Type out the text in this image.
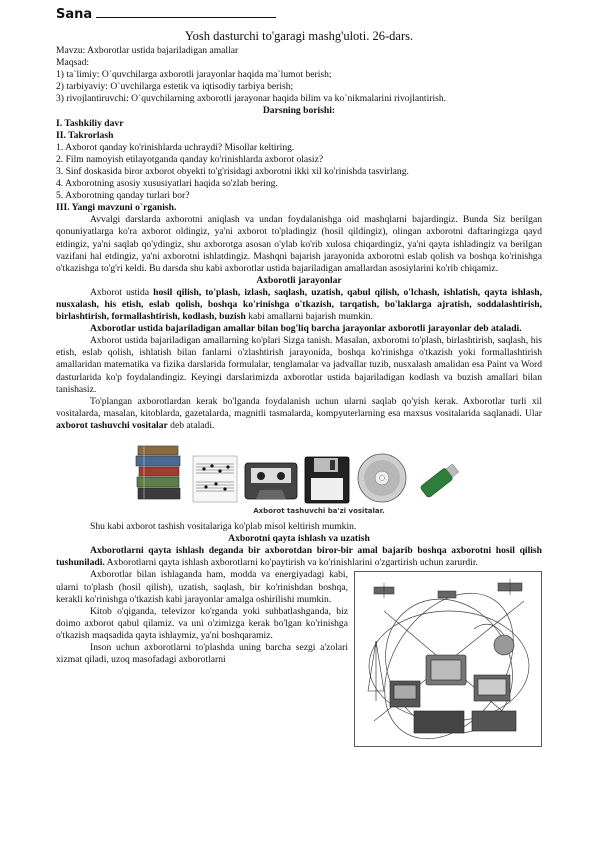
Sana
Yosh dasturchi to'garagi mashg'uloti. 26-dars.

Mavzu: Axborotlar ustida bajariladigan amallar

Maqsad:

1) ta`limiy: O`quvchilarga axborotli jarayonlar haqida ma`lumot berish;

2) tarbiyaviy: O`uvchilarga estetik va iqtisodiy tarbiya berish;

3) rivojlantiruvchi: O`quvchilarning axborotli jarayonar haqida bilim va ko`nikmalarini rivojlantirish.

Darsning borishi:

I. Tashkiliy davr

II. Takrorlash

1. Axborot qanday ko'rinishlarda uchraydi? Misollar keltiring.

2. Film namoyish etilayotganda qanday ko'rinishlarda axborot olasiz?

3. Sinf doskasida biror axborot obyekti to'g'risidagi axborotni ikki xil ko'rinishda tasvirlang.

4. Axborotning asosiy xususiyatlari haqida so'zlab bering.

5. Axborotning qanday turlari bor?

III. Yangi mavzuni o`rganish.

Avvalgi darslarda axborotni aniqlash va undan foydalanishga oid mashqlarni bajardingiz. Bunda Siz berilgan qonuniyatlarga ko'ra axborot oldingiz, ya'ni axborot to'pladingiz (hosil qildingiz), olingan axborotni daftaringizga qayd etdingiz, ya'ni saqlab qo'ydingiz, shu axborotga asosan o'ylab ko'rib xulosa chiqardingiz, ya'ni qayta ishladingiz va berilgan vazifani hal etdingiz, ya'ni axborotni ishlatdingiz. Mashqni bajarish jarayonida axborotni eslab qolish va boshqa ko'rinishga o'tkazishga to'g'ri keldi. Bu darsda shu kabi axborotlar ustida bajariladigan amallardan asosiylarini ko'rib chiqamiz.

Axborotli jarayonlar

Axborot ustida hosil qilish, to'plash, izlash, saqlash, uzatish, qabul qilish, o'lchash, ishlatish, qayta ishlash, nusxalash, his etish, eslab qolish, boshqa ko'rinishga o'tkazish, tarqatish, bo'laklarga ajratish, soddalashtirish, birlashtirish, formallashtirish, kodlash, buzish kabi amallarni bajarish mumkin.

Axborotlar ustida bajariladigan amallar bilan bog'liq barcha jarayonlar axborotli jarayonlar deb ataladi.

Axborot ustida bajariladigan amallarning ko'plari Sizga tanish. Masalan, axborotni to'plash, birlashtirish, saqlash, his etish, eslab qolish, ishlatish bilan fanlarni o'zlashtirish jarayonida, boshqa ko'rinishga o'tkazish yoki formallashtirish amallaridan matematika va fizika darslarida formulalar, tenglamalar va jadvallar tuzib, nusxalash amalidan esa Paint va Word dasturlarida ko'p foydalandingiz. Keyingi darslarimizda axborotlar ustida bajariladigan kodlash va buzish amallari bilan tanishasiz.

To'plangan axborotlardan kerak bo'lganda foydalanish uchun ularni saqlab qo'yish kerak. Axborotlar turli xil vositalarda, masalan, kitoblarda, gazetalarda, magnitli tasmalarda, kompyuterlarning esa maxsus vositalarida saqlanadi. Ular axborot tashuvchi vositalar deb ataladi.

Axborot tashuvchi ba'zi vositalar.

Shu kabi axborot tashish vositalariga ko'plab misol keltirish mumkin.

Axborotni qayta ishlash va uzatish

Axborotlarni qayta ishlash deganda bir axborotdan biror-bir amal bajarib boshqa axborotni hosil qilish tushuniladi. Axborotlarni qayta ishlash axborotlarni ko'paytirish va ko'rinishlarini o'zgartirish uchun zarurdir.

Axborotlar bilan ishlaganda ham, modda va energiyadagi kabi, ularni to'plash (hosil qilish), uzatish, saqlash, bir ko'rinishdan boshqa, kerakli ko'rinishga o'tkazish kabi jarayonlar amalga oshirilishi mumkin.

Kitob o'qiganda, televizor ko'rganda yoki suhbatlashganda, biz doimo axborot qabul qilamiz. va uni o'zimizga kerak bo'lgan ko'rinishga o'tkazish maqsadida qayta ishlaymiz, ya'ni boshqaramiz.

Inson uchun axborotlarni to'plashda uning barcha sezgi a'zolari xizmat qiladi, uzoq masofadagi axborotlarni
